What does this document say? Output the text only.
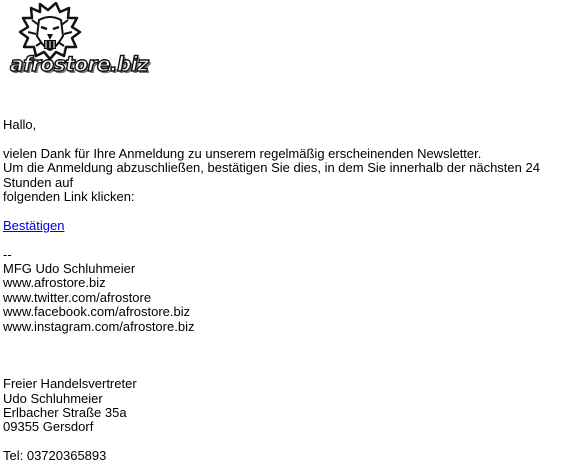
afrostore.biz
Hallo,
vielen Dank für Ihre Anmeldung zu unserem regelmäßig erscheinenden Newsletter.
Um die Anmeldung abzuschließen, bestätigen Sie dies, in dem Sie innerhalb der nächsten 24 Stunden auf
folgenden Link klicken:
Bestätigen
--
MFG Udo Schluhmeier
www.afrostore.biz
www.twitter.com/afrostore
www.facebook.com/afrostore.biz
www.instagram.com/afrostore.biz
Freier Handelsvertreter
Udo Schluhmeier
Erlbacher Straße 35a
09355 Gersdorf
Tel: 03720365893
